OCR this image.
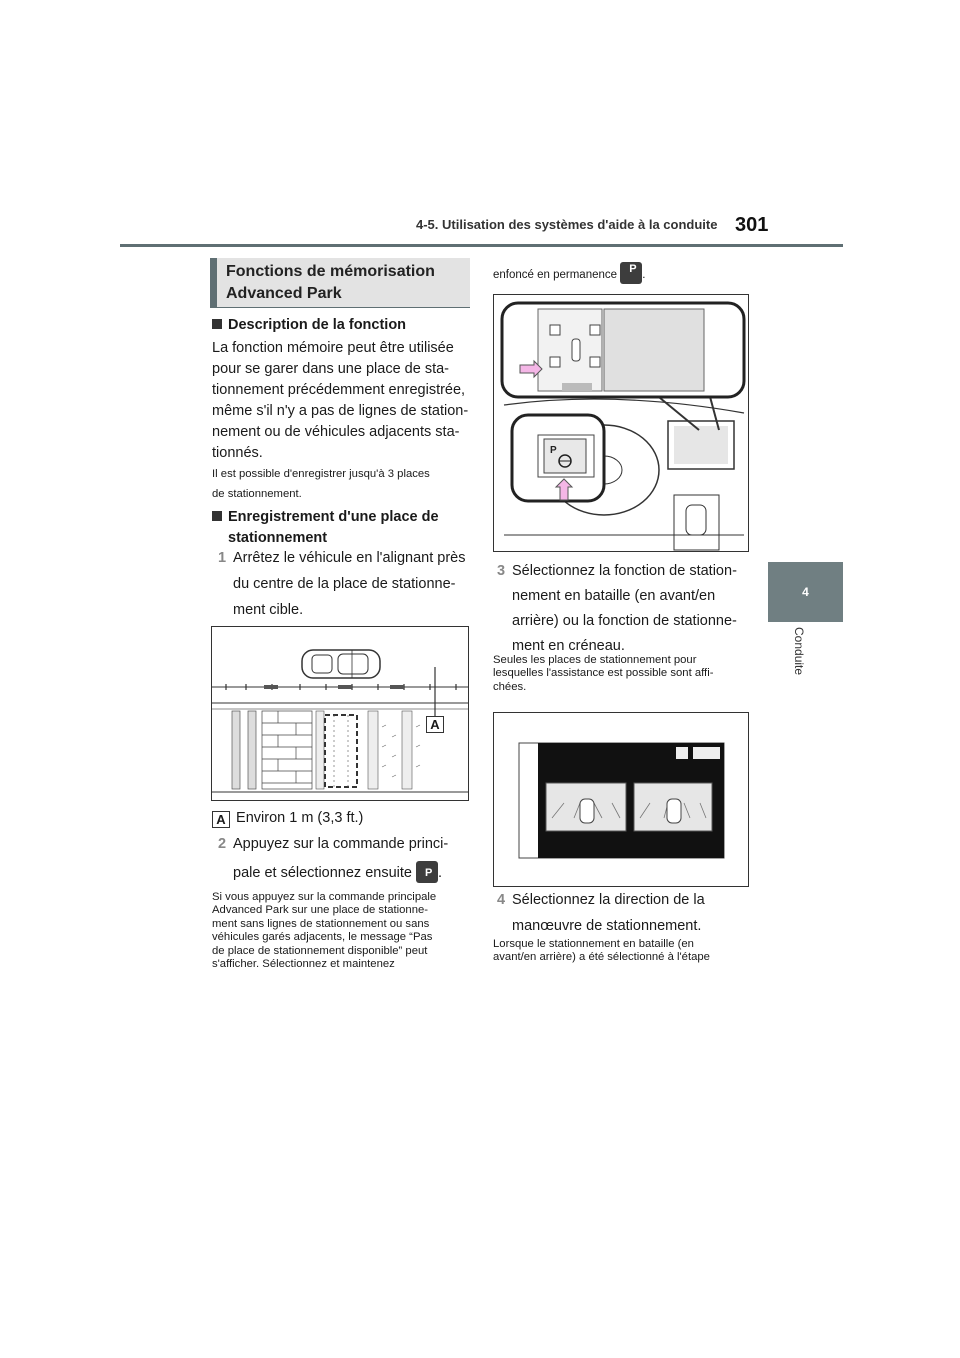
4-5. Utilisation des systèmes d'aide à la conduite 301
4
Conduite
Fonctions de mémorisation
Advanced Park
Description de la fonction
La fonction mémoire peut être utilisée
pour se garer dans une place de sta-
tionnement précédemment enregistrée,
même s'il n'y a pas de lignes de station-
nement ou de véhicules adjacents sta-
tionnés.
Il est possible d'enregistrer jusqu'à 3 places
de stationnement.
Enregistrement d'une place de
stationnement
1 Arrêtez le véhicule en l'alignant près
du centre de la place de stationne-
ment cible.
A
A Environ 1 m (3,3 ft.)
2 Appuyez sur la commande princi-
pale et sélectionnez ensuite P .
Si vous appuyez sur la commande principale
Advanced Park sur une place de stationne-
ment sans lignes de stationnement ou sans
véhicules garés adjacents, le message “Pas
de place de stationnement disponible” peut
s'afficher. Sélectionnez et maintenez
enfoncé en permanence P .
P
3 Sélectionnez la fonction de station-
nement en bataille (en avant/en
arrière) ou la fonction de stationne-
ment en créneau.
Seules les places de stationnement pour
lesquelles l'assistance est possible sont affi-
chées.
4 Sélectionnez la direction de la
manœuvre de stationnement.
Lorsque le stationnement en bataille (en
avant/en arrière) a été sélectionné à l'étape
